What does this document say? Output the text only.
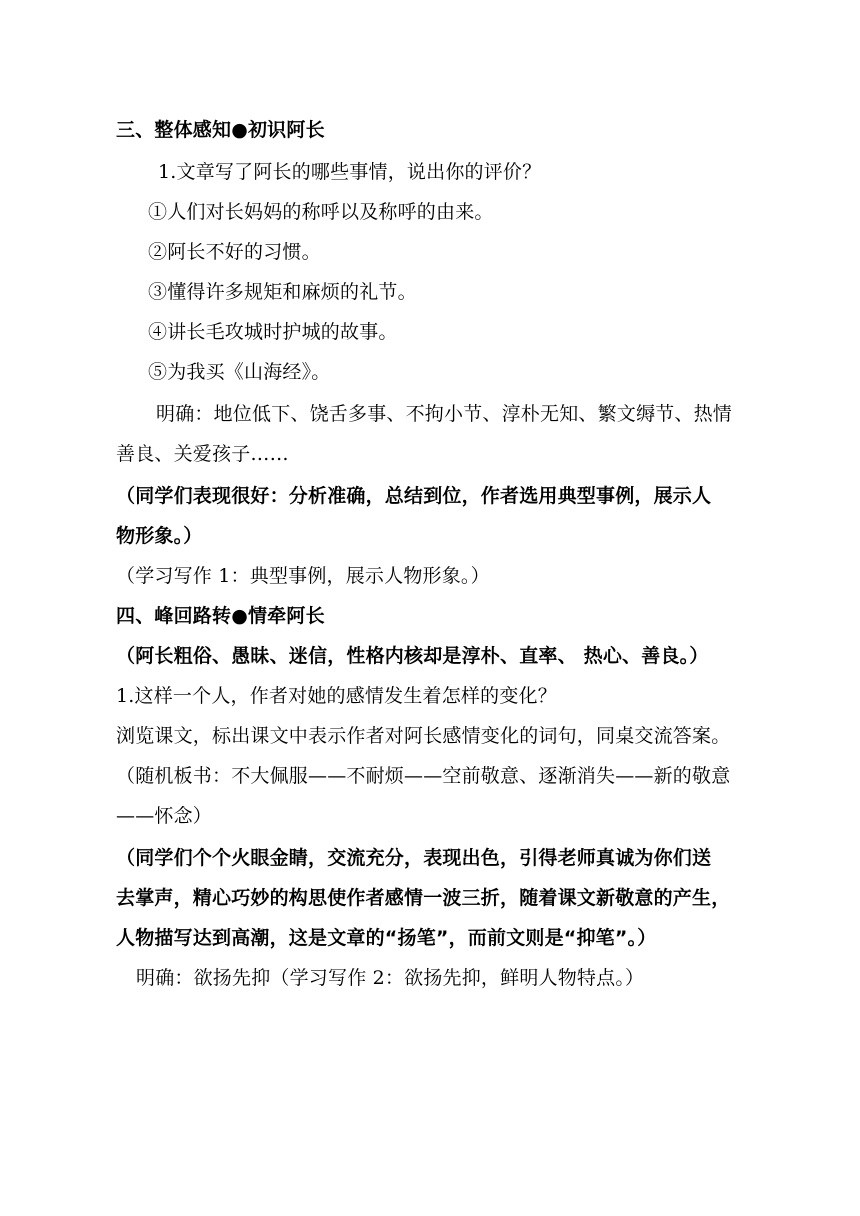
三、整体感知●初识阿长
1.文章写了阿长的哪些事情，说出你的评价？
①人们对长妈妈的称呼以及称呼的由来。
②阿长不好的习惯。
③懂得许多规矩和麻烦的礼节。
④讲长毛攻城时护城的故事。
⑤为我买《山海经》。
明确：地位低下、饶舌多事、不拘小节、淳朴无知、繁文缛节、热情
善良、关爱孩子……
（同学们表现很好：分析准确，总结到位，作者选用典型事例，展示人
物形象。）
（学习写作 1：典型事例，展示人物形象。）
四、峰回路转●情牵阿长
（阿长粗俗、愚昧、迷信，性格内核却是淳朴、直率、 热心、善良。）
1.这样一个人，作者对她的感情发生着怎样的变化？
浏览课文，标出课文中表示作者对阿长感情变化的词句，同桌交流答案。
（随机板书：不大佩服——不耐烦——空前敬意、逐渐消失——新的敬意
——怀念）
（同学们个个火眼金睛，交流充分，表现出色，引得老师真诚为你们送
去掌声，精心巧妙的构思使作者感情一波三折，随着课文新敬意的产生，
人物描写达到高潮，这是文章的“扬笔”，而前文则是“抑笔”。）
明确：欲扬先抑（学习写作 2：欲扬先抑，鲜明人物特点。）
